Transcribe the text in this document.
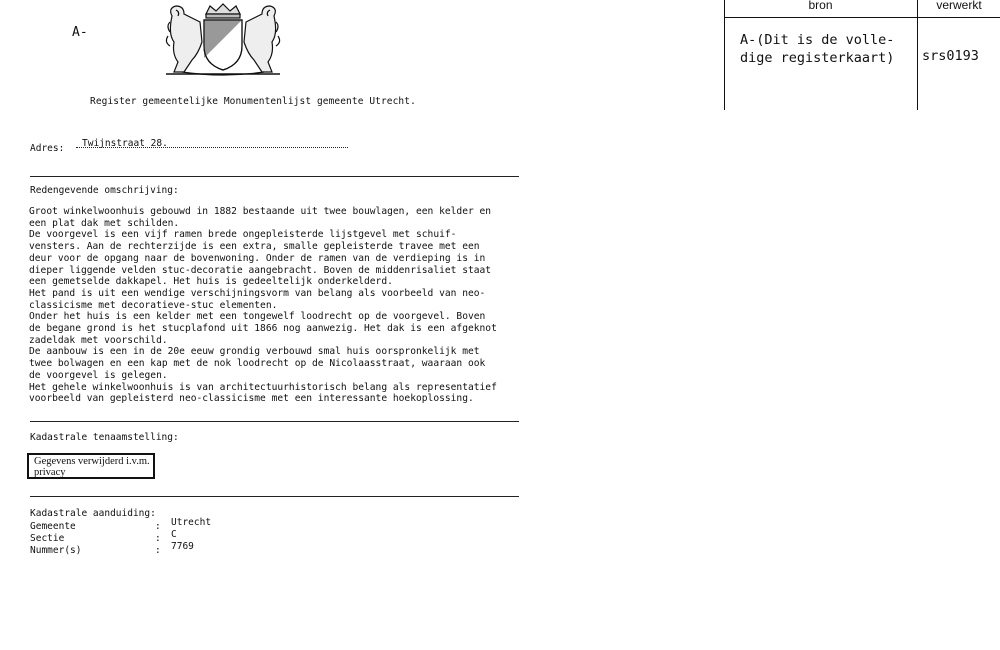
A-
Register gemeentelijke Monumentenlijst gemeente Utrecht.
Adres: Twijnstraat 28.
Redengevende omschrijving:
Groot winkelwoonhuis gebouwd in 1882 bestaande uit twee bouwlagen, een kelder en
een plat dak met schilden.
De voorgevel is een vijf ramen brede ongepleisterde lijstgevel met schuif-
vensters. Aan de rechterzijde is een extra, smalle gepleisterde travee met een
deur voor de opgang naar de bovenwoning. Onder de ramen van de verdieping is in
dieper liggende velden stuc-decoratie aangebracht. Boven de middenrisaliet staat
een gemetselde dakkapel. Het huis is gedeeltelijk onderkelderd.
Het pand is uit een wendige verschijningsvorm van belang als voorbeeld van neo-
classicisme met decoratieve-stuc elementen.
Onder het huis is een kelder met een tongewelf loodrecht op de voorgevel. Boven
de begane grond is het stucplafond uit 1866 nog aanwezig. Het dak is een afgeknot
zadeldak met voorschild.
De aanbouw is een in de 20e eeuw grondig verbouwd smal huis oorspronkelijk met
twee bolwagen en een kap met de nok loodrecht op de Nicolaasstraat, waaraan ook
de voorgevel is gelegen.
Het gehele winkelwoonhuis is van architectuurhistorisch belang als representatief
voorbeeld van gepleisterd neo-classicisme met een interessante hoekoplossing.
Kadastrale tenaamstelling:
Gegevens verwijderd i.v.m.
privacy
Kadastrale aanduiding:
Gemeente	: Utrecht
Sectie	: C
Nummer(s)	: 7769
bron	verwerkt
A-(Dit is de volle-
dige registerkaart) srs0193
